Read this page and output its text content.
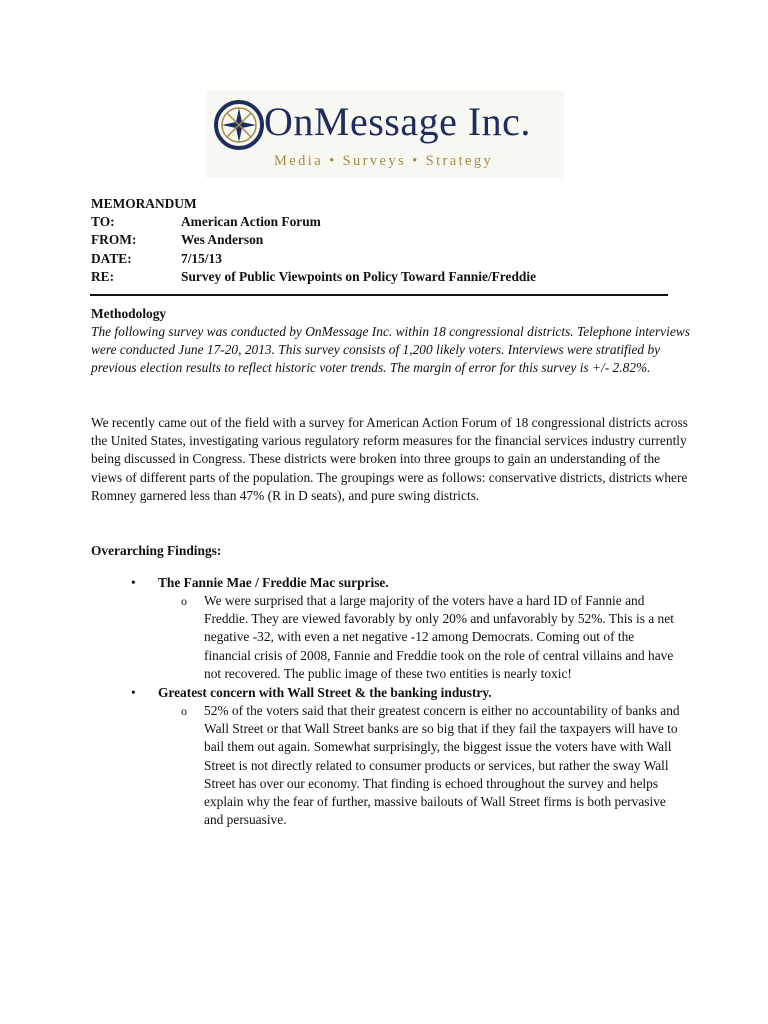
OnMessage Inc.
Media • Surveys • Strategy
MEMORANDUM
TO:	American Action Forum
FROM:	Wes Anderson
DATE:	7/15/13
RE:	Survey of Public Viewpoints on Policy Toward Fannie/Freddie

Methodology

The following survey was conducted by OnMessage Inc. within 18 congressional districts. Telephone interviews were conducted June 17-20, 2013. This survey consists of 1,200 likely voters. Interviews were stratified by previous election results to reflect historic voter trends. The margin of error for this survey is +/- 2.82%.

We recently came out of the field with a survey for American Action Forum of 18 congressional districts across the United States, investigating various regulatory reform measures for the financial services industry currently being discussed in Congress. These districts were broken into three groups to gain an understanding of the views of different parts of the population. The groupings were as follows: conservative districts, districts where Romney garnered less than 47% (R in D seats), and pure swing districts.

Overarching Findings:

• The Fannie Mae / Freddie Mac surprise.
o We were surprised that a large majority of the voters have a hard ID of Fannie and Freddie. They are viewed favorably by only 20% and unfavorably by 52%. This is a net negative -32, with even a net negative -12 among Democrats. Coming out of the financial crisis of 2008, Fannie and Freddie took on the role of central villains and have not recovered. The public image of these two entities is nearly toxic!

• Greatest concern with Wall Street & the banking industry.
o 52% of the voters said that their greatest concern is either no accountability of banks and Wall Street or that Wall Street banks are so big that if they fail the taxpayers will have to bail them out again. Somewhat surprisingly, the biggest issue the voters have with Wall Street is not directly related to consumer products or services, but rather the sway Wall Street has over our economy. That finding is echoed throughout the survey and helps explain why the fear of further, massive bailouts of Wall Street firms is both pervasive and persuasive.
